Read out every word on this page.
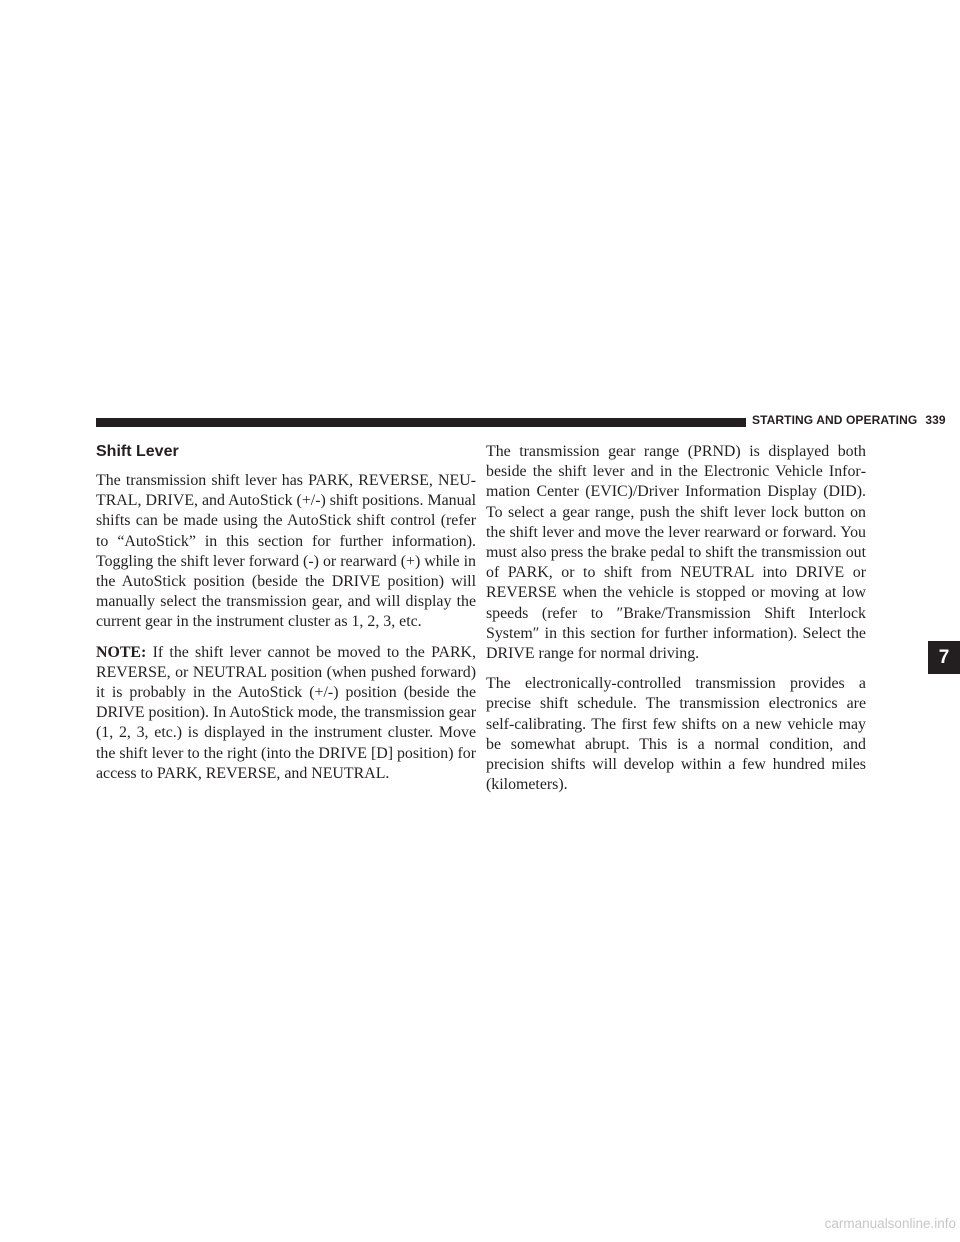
STARTING AND OPERATING 339
Shift Lever

The transmission shift lever has PARK, REVERSE, NEUTRAL, DRIVE, and AutoStick (+/-) shift positions. Manual shifts can be made using the AutoStick shift control (refer to “AutoStick” in this section for further information). Toggling the shift lever forward (-) or rearward (+) while in the AutoStick position (beside the DRIVE position) will manually select the transmission gear, and will display the current gear in the instrument cluster as 1, 2, 3, etc.

NOTE: If the shift lever cannot be moved to the PARK, REVERSE, or NEUTRAL position (when pushed forward) it is probably in the AutoStick (+/-) position (beside the DRIVE position). In AutoStick mode, the transmission gear (1, 2, 3, etc.) is displayed in the instrument cluster. Move the shift lever to the right (into the DRIVE [D] position) for access to PARK, REVERSE, and NEUTRAL.

The transmission gear range (PRND) is displayed both beside the shift lever and in the Electronic Vehicle Information Center (EVIC)/Driver Information Display (DID). To select a gear range, push the shift lever lock button on the shift lever and move the lever rearward or forward. You must also press the brake pedal to shift the transmission out of PARK, or to shift from NEUTRAL into DRIVE or REVERSE when the vehicle is stopped or moving at low speeds (refer to ″Brake/Transmission Shift Interlock System″ in this section for further information). Select the DRIVE range for normal driving.

The electronically-controlled transmission provides a precise shift schedule. The transmission electronics are self-calibrating. The first few shifts on a new vehicle may be somewhat abrupt. This is a normal condition, and precision shifts will develop within a few hundred miles (kilometers).

7
carmanualsonline.info
